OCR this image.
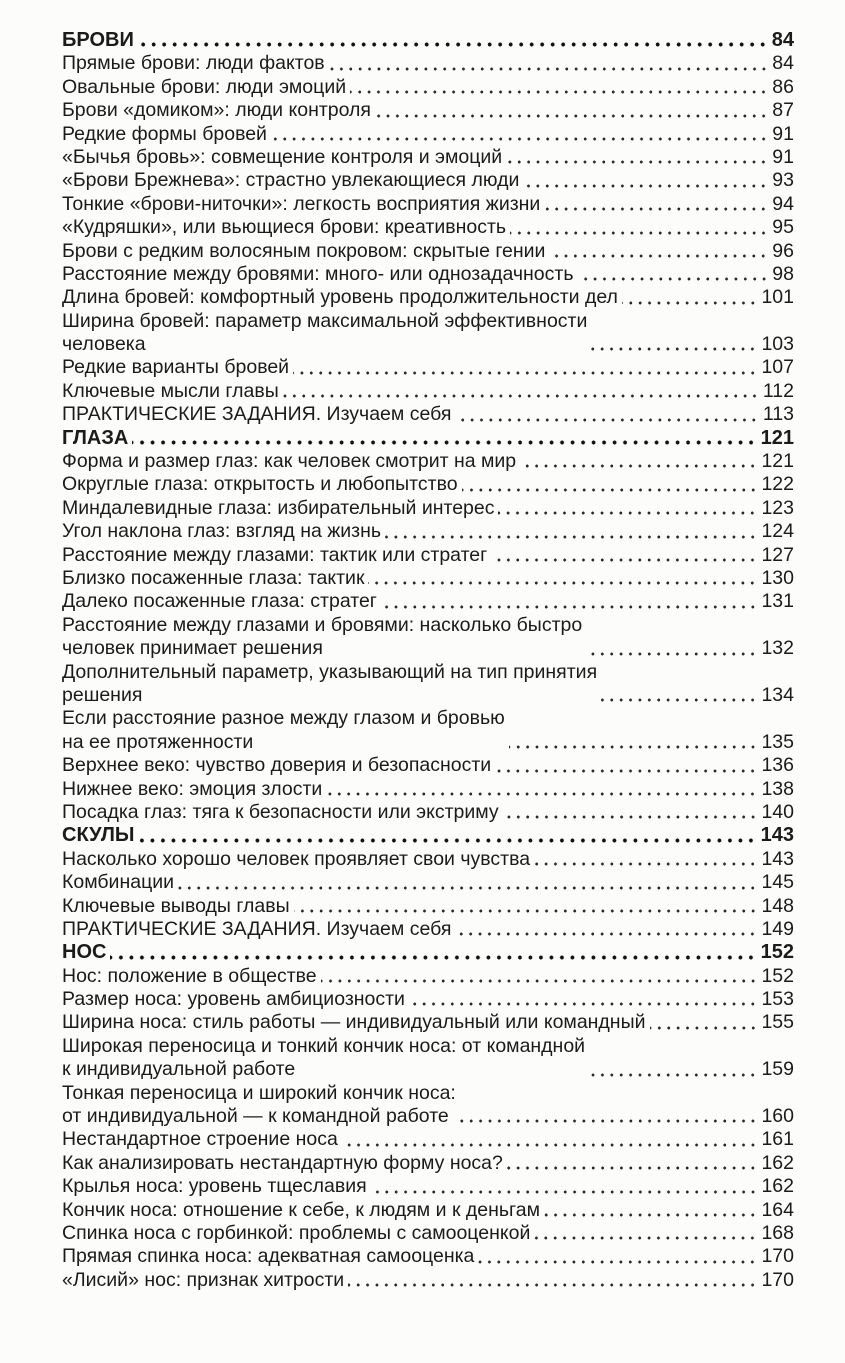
БРОВИ	84
Прямые брови: люди фактов	84
Овальные брови: люди эмоций	86
Брови «домиком»: люди контроля	87
Редкие формы бровей	91
«Бычья бровь»: совмещение контроля и эмоций	91
«Брови Брежнева»: страстно увлекающиеся люди	93
Тонкие «брови-ниточки»: легкость восприятия жизни	94
«Кудряшки», или вьющиеся брови: креативность	95
Брови с редким волосяным покровом: скрытые гении	96
Расстояние между бровями: много- или однозадачность	98
Длина бровей: комфортный уровень продолжительности дел	101
Ширина бровей: параметр максимальной эффективности
человека	103
Редкие варианты бровей	107
Ключевые мысли главы	112
ПРАКТИЧЕСКИЕ ЗАДАНИЯ. Изучаем себя	113
ГЛАЗА	121
Форма и размер глаз: как человек смотрит на мир	121
Округлые глаза: открытость и любопытство	122
Миндалевидные глаза: избирательный интерес	123
Угол наклона глаз: взгляд на жизнь	124
Расстояние между глазами: тактик или стратег	127
Близко посаженные глаза: тактик	130
Далеко посаженные глаза: стратег	131
Расстояние между глазами и бровями: насколько быстро
человек принимает решения	132
Дополнительный параметр, указывающий на тип принятия
решения	134
Если расстояние разное между глазом и бровью
на ее протяженности	135
Верхнее веко: чувство доверия и безопасности	136
Нижнее веко: эмоция злости	138
Посадка глаз: тяга к безопасности или экстриму	140
СКУЛЫ	143
Насколько хорошо человек проявляет свои чувства	143
Комбинации	145
Ключевые выводы главы	148
ПРАКТИЧЕСКИЕ ЗАДАНИЯ. Изучаем себя	149
НОС	152
Нос: положение в обществе	152
Размер носа: уровень амбициозности	153
Ширина носа: стиль работы — индивидуальный или командный	155
Широкая переносица и тонкий кончик носа: от командной
к индивидуальной работе	159
Тонкая переносица и широкий кончик носа:
от индивидуальной — к командной работе	160
Нестандартное строение носа	161
Как анализировать нестандартную форму носа?	162
Крылья носа: уровень тщеславия	162
Кончик носа: отношение к себе, к людям и к деньгам	164
Спинка носа с горбинкой: проблемы с самооценкой	168
Прямая спинка носа: адекватная самооценка	170
«Лисий» нос: признак хитрости	170
